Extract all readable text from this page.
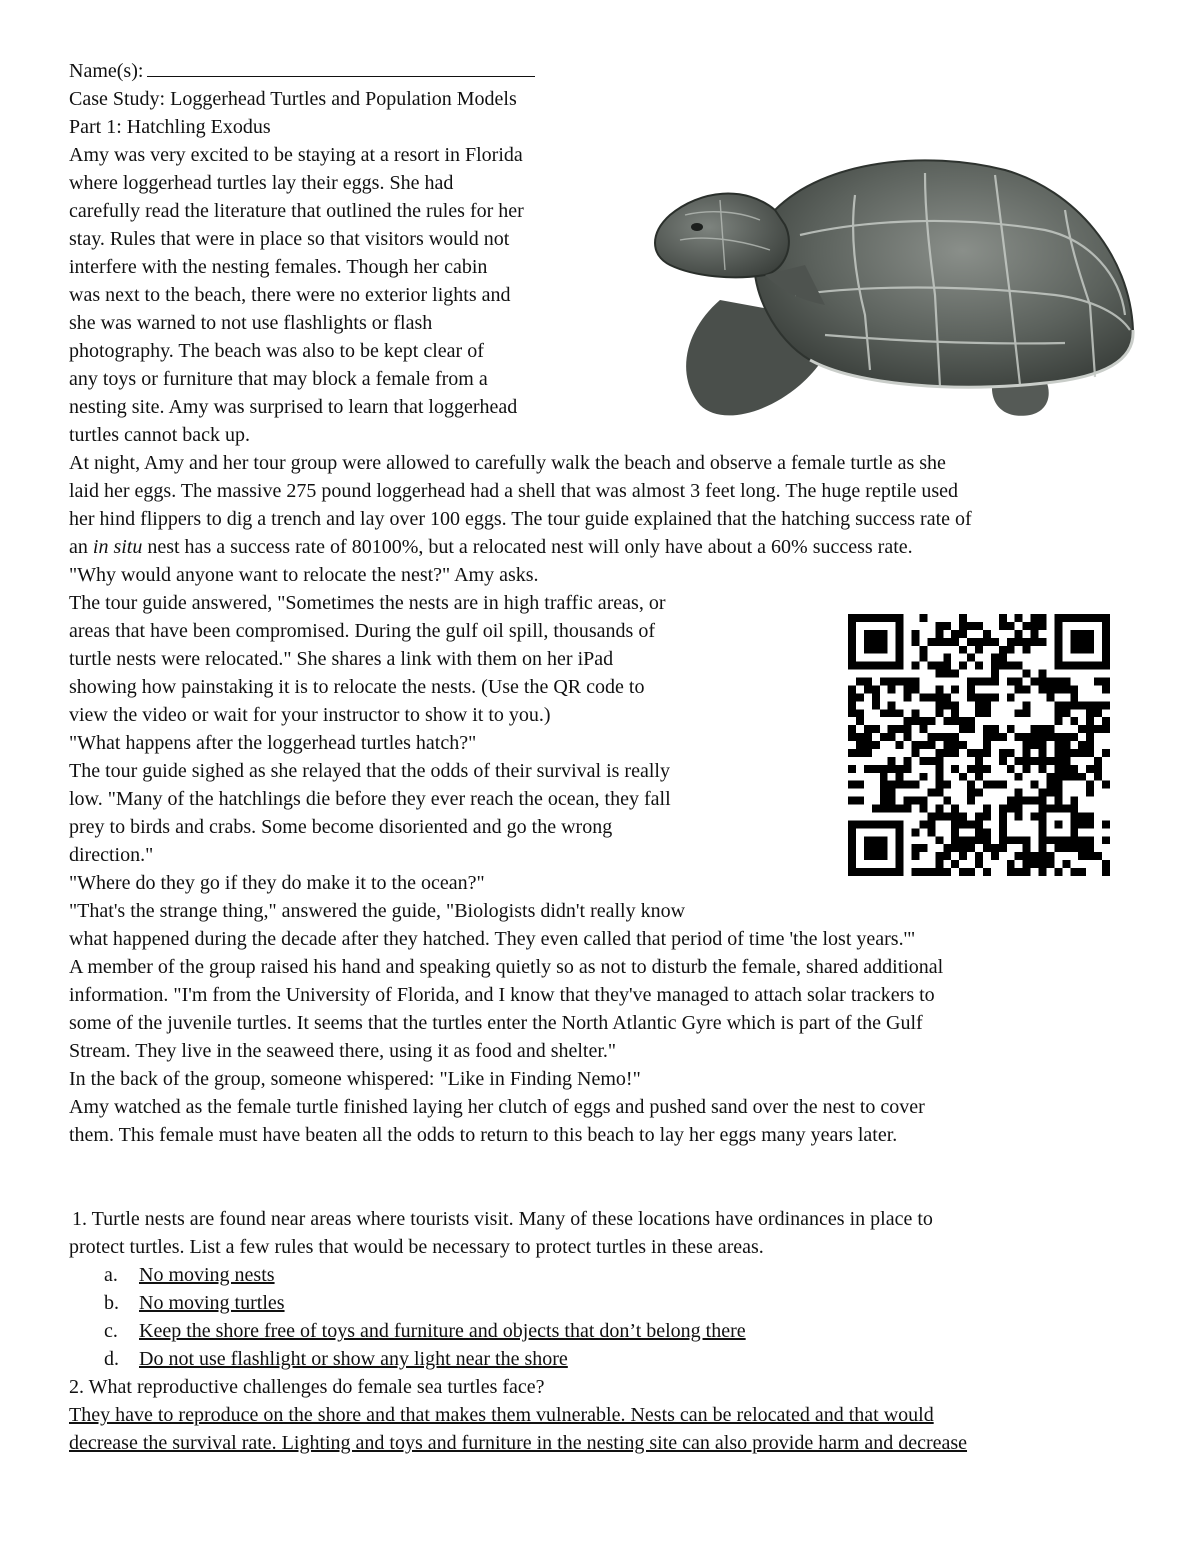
Name(s):
Case Study: Loggerhead Turtles and Population Models
Part 1: Hatchling Exodus
Amy was very excited to be staying at a resort in Florida
where loggerhead turtles lay their eggs. She had
carefully read the literature that outlined the rules for her
stay. Rules that were in place so that visitors would not
interfere with the nesting females. Though her cabin
was next to the beach, there were no exterior lights and
she was warned to not use flashlights or flash
photography. The beach was also to be kept clear of
any toys or furniture that may block a female from a
nesting site. Amy was surprised to learn that loggerhead
turtles cannot back up.
At night, Amy and her tour group were allowed to carefully walk the beach and observe a female turtle as she
laid her eggs. The massive 275 pound loggerhead had a shell that was almost 3 feet long. The huge reptile used
her hind flippers to dig a trench and lay over 100 eggs. The tour guide explained that the hatching success rate of
an in situ nest has a success rate of 80100%, but a relocated nest will only have about a 60% success rate.
"Why would anyone want to relocate the nest?" Amy asks.
The tour guide answered, "Sometimes the nests are in high traffic areas, or
areas that have been compromised. During the gulf oil spill, thousands of
turtle nests were relocated." She shares a link with them on her iPad
showing how painstaking it is to relocate the nests. (Use the QR code to
view the video or wait for your instructor to show it to you.)
"What happens after the loggerhead turtles hatch?"
The tour guide sighed as she relayed that the odds of their survival is really
low. "Many of the hatchlings die before they ever reach the ocean, they fall
prey to birds and crabs. Some become disoriented and go the wrong
direction."
"Where do they go if they do make it to the ocean?"
"That's the strange thing," answered the guide, "Biologists didn't really know
what happened during the decade after they hatched. They even called that period of time 'the lost years.'"
A member of the group raised his hand and speaking quietly so as not to disturb the female, shared additional
information. "I'm from the University of Florida, and I know that they've managed to attach solar trackers to
some of the juvenile turtles. It seems that the turtles enter the North Atlantic Gyre which is part of the Gulf
Stream. They live in the seaweed there, using it as food and shelter."
In the back of the group, someone whispered: "Like in Finding Nemo!"
Amy watched as the female turtle finished laying her clutch of eggs and pushed sand over the nest to cover
them. This female must have beaten all the odds to return to this beach to lay her eggs many years later.
1. Turtle nests are found near areas where tourists visit. Many of these locations have ordinances in place to
protect turtles. List a few rules that would be necessary to protect turtles in these areas.
a. No moving nests
b. No moving turtles
c. Keep the shore free of toys and furniture and objects that don’t belong there
d. Do not use flashlight or show any light near the shore
2. What reproductive challenges do female sea turtles face?
They have to reproduce on the shore and that makes them vulnerable. Nests can be relocated and that would
decrease the survival rate. Lighting and toys and furniture in the nesting site can also provide harm and decrease
